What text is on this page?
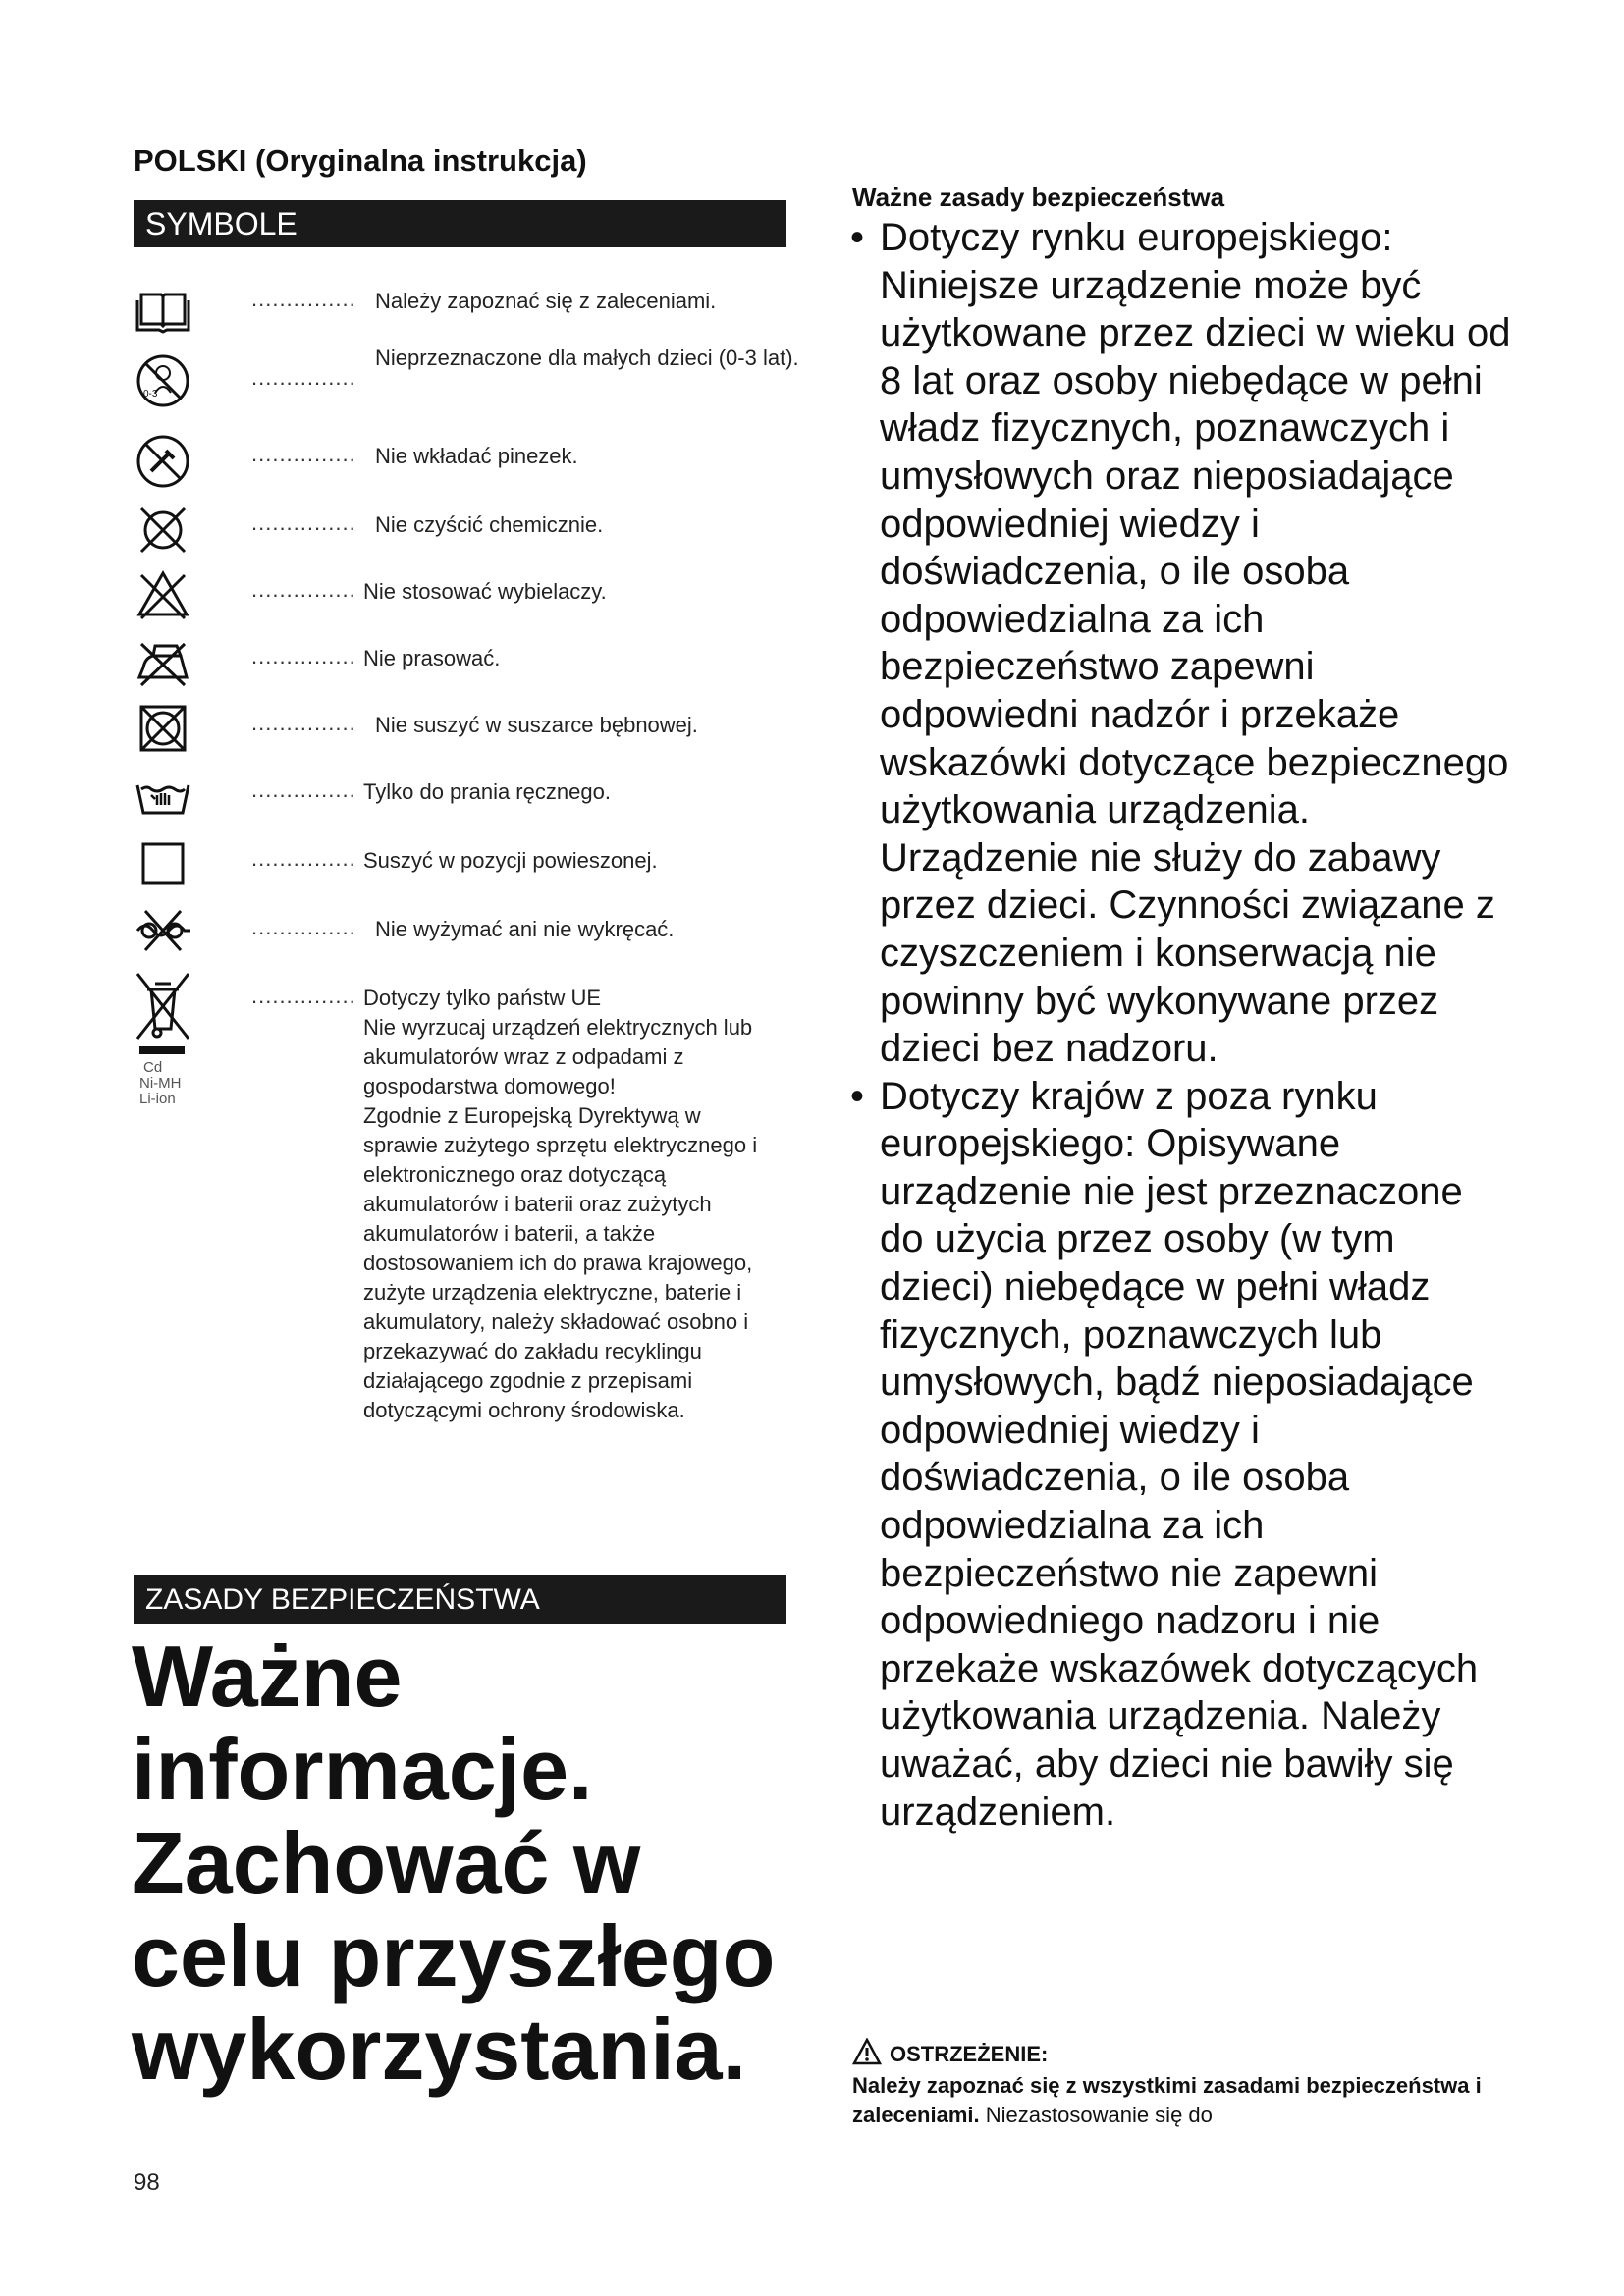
POLSKI (Oryginalna instrukcja)
SYMBOLE
............... Należy zapoznać się z zaleceniami.
0-3
...............
Nieprzeznaczone dla małych dzieci (0-3 lat).
............... Nie wkładać pinezek.
............... Nie czyścić chemicznie.
............... Nie stosować wybielaczy.
............... Nie prasować.
............... Nie suszyć w suszarce bębnowej.
............... Tylko do prania ręcznego.
............... Suszyć w pozycji powieszonej.
............... Nie wyżymać ani nie wykręcać.
Cd
Ni-MH
Li-ion
............... Dotyczy tylko państw UE

Nie wyrzucaj urządzeń elektrycznych lub akumulatorów wraz z odpadami z gospodarstwa domowego!

Zgodnie z Europejską Dyrektywą w sprawie zużytego sprzętu elektrycznego i elektronicznego oraz dotyczącą akumulatorów i baterii oraz zużytych akumulatorów i baterii, a także dostosowaniem ich do prawa krajowego, zużyte urządzenia elektryczne, baterie i akumulatory, należy składować osobno i przekazywać do zakładu recyklingu działającego zgodnie z przepisami dotyczącymi ochrony środowiska.

ZASADY BEZPIECZEŃSTWA
Ważne
informacje.
Zachować w
celu przyszłego
wykorzystania.
98
Ważne zasady bezpieczeństwa
• Dotyczy rynku europejskiego: Niniejsze urządzenie może być użytkowane przez dzieci w wieku od 8 lat oraz osoby niebędące w pełni władz fizycznych, poznawczych i umysłowych oraz nieposiadające odpowiedniej wiedzy i doświadczenia, o ile osoba odpowiedzialna za ich bezpieczeństwo zapewni odpowiedni nadzór i przekaże wskazówki dotyczące bezpiecznego użytkowania urządzenia. Urządzenie nie służy do zabawy przez dzieci. Czynności związane z czyszczeniem i konserwacją nie powinny być wykonywane przez dzieci bez nadzoru.
• Dotyczy krajów z poza rynku europejskiego: Opisywane urządzenie nie jest przeznaczone do użycia przez osoby (w tym dzieci) niebędące w pełni władz fizycznych, poznawczych lub umysłowych, bądź nieposiadające odpowiedniej wiedzy i doświadczenia, o ile osoba odpowiedzialna za ich bezpieczeństwo nie zapewni odpowiedniego nadzoru i nie przekaże wskazówek dotyczących użytkowania urządzenia. Należy uważać, aby dzieci nie bawiły się urządzeniem.
OSTRZEŻENIE:
Należy zapoznać się z wszystkimi zasadami bezpieczeństwa i zaleceniami. Niezastosowanie się do
